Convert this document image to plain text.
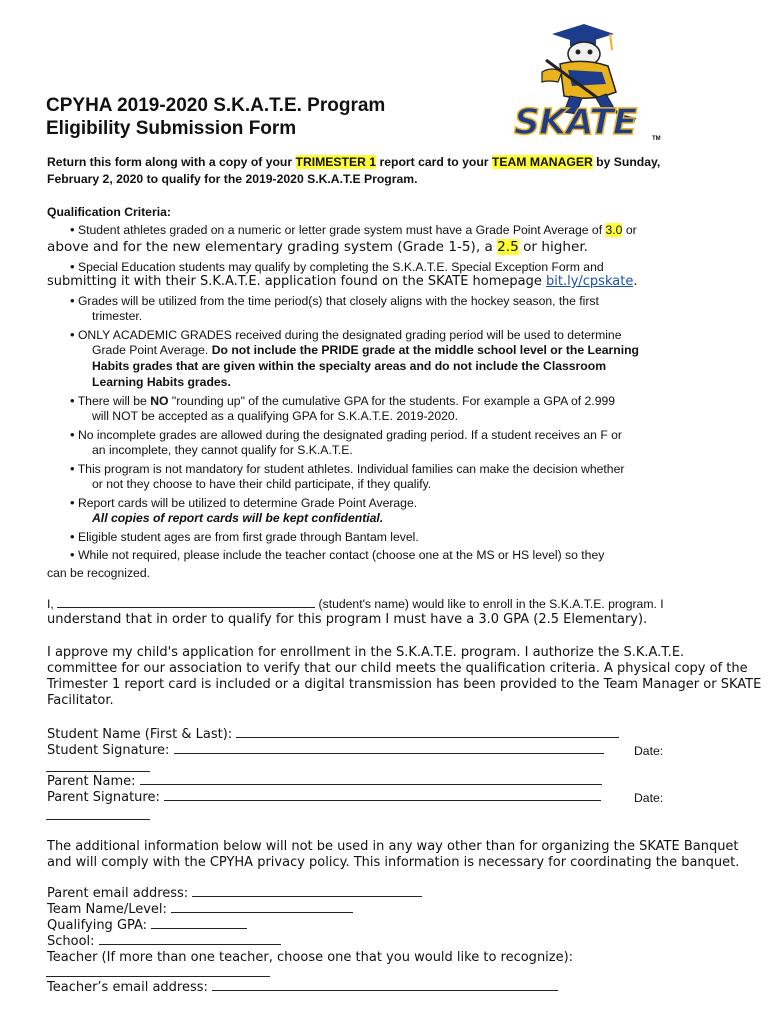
CPYHA 2019-2020 S.K.A.T.E. Program
Eligibility Submission Form	SKATE	TM
Return this form along with a copy of your TRIMESTER 1 report card to your TEAM MANAGER by Sunday,
February 2, 2020 to qualify for the 2019-2020 S.K.A.T.E Program.
Qualification Criteria:
• Student athletes graded on a numeric or letter grade system must have a Grade Point Average of 3.0 or
above and for the new elementary grading system (Grade 1-5), a 2.5 or higher.
• Special Education students may qualify by completing the S.K.A.T.E. Special Exception Form and
submitting it with their S.K.A.T.E. application found on the SKATE homepage bit.ly/cpskate.
• Grades will be utilized from the time period(s) that closely aligns with the hockey season, the first
trimester.
• ONLY ACADEMIC GRADES received during the designated grading period will be used to determine
Grade Point Average. Do not include the PRIDE grade at the middle school level or the Learning
Habits grades that are given within the specialty areas and do not include the Classroom
Learning Habits grades.
• There will be NO "rounding up" of the cumulative GPA for the students. For example a GPA of 2.999
will NOT be accepted as a qualifying GPA for S.K.A.T.E. 2019-2020.
• No incomplete grades are allowed during the designated grading period. If a student receives an F or
an incomplete, they cannot qualify for S.K.A.T.E.
• This program is not mandatory for student athletes. Individual families can make the decision whether
or not they choose to have their child participate, if they qualify.
• Report cards will be utilized to determine Grade Point Average.
All copies of report cards will be kept confidential.
• Eligible student ages are from first grade through Bantam level.
• While not required, please include the teacher contact (choose one at the MS or HS level) so they
can be recognized.
I,	(student's name) would like to enroll in the S.K.A.T.E. program. I
understand that in order to qualify for this program I must have a 3.0 GPA (2.5 Elementary).
I approve my child's application for enrollment in the S.K.A.T.E. program. I authorize the S.K.A.T.E.
committee for our association to verify that our child meets the qualification criteria. A physical copy of the
Trimester 1 report card is included or a digital transmission has been provided to the Team Manager or SKATE
Facilitator.
Student Name (First & Last):
Student Signature:	Date:
Parent Name:
Parent Signature:	Date:
The additional information below will not be used in any way other than for organizing the SKATE Banquet
and will comply with the CPYHA privacy policy. This information is necessary for coordinating the banquet.
Parent email address:
Team Name/Level:
Qualifying GPA:
School:
Teacher (If more than one teacher, choose one that you would like to recognize):
Teacher’s email address:
